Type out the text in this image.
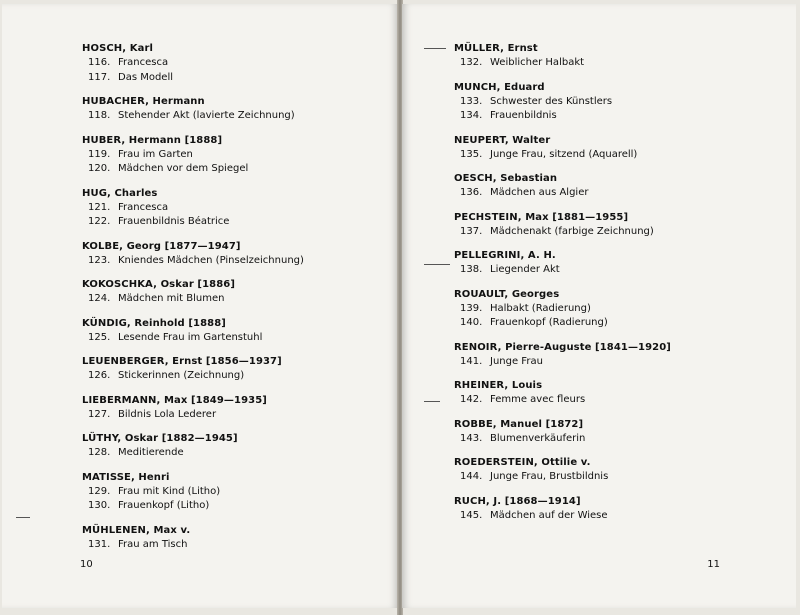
HOSCH, Karl
116. Francesca
117. Das Modell
HUBACHER, Hermann
118. Stehender Akt (lavierte Zeichnung)
HUBER, Hermann [1888]
119. Frau im Garten
120. Mädchen vor dem Spiegel
HUG, Charles
121. Francesca
122. Frauenbildnis Béatrice
KOLBE, Georg [1877—1947]
123. Kniendes Mädchen (Pinselzeichnung)
KOKOSCHKA, Oskar [1886]
124. Mädchen mit Blumen
KÜNDIG, Reinhold [1888]
125. Lesende Frau im Gartenstuhl
LEUENBERGER, Ernst [1856—1937]
126. Stickerinnen (Zeichnung)
LIEBERMANN, Max [1849—1935]
127. Bildnis Lola Lederer
LÜTHY, Oskar [1882—1945]
128. Meditierende
MATISSE, Henri
129. Frau mit Kind (Litho)
130. Frauenkopf (Litho)
MÜHLENEN, Max v.
131. Frau am Tisch
10
MÜLLER, Ernst
132. Weiblicher Halbakt
MUNCH, Eduard
133. Schwester des Künstlers
134. Frauenbildnis
NEUPERT, Walter
135. Junge Frau, sitzend (Aquarell)
OESCH, Sebastian
136. Mädchen aus Algier
PECHSTEIN, Max [1881—1955]
137. Mädchenakt (farbige Zeichnung)
PELLEGRINI, A. H.
138. Liegender Akt
ROUAULT, Georges
139. Halbakt (Radierung)
140. Frauenkopf (Radierung)
RENOIR, Pierre-Auguste [1841—1920]
141. Junge Frau
RHEINER, Louis
142. Femme avec fleurs
ROBBE, Manuel [1872]
143. Blumenverkäuferin
ROEDERSTEIN, Ottilie v.
144. Junge Frau, Brustbildnis
RUCH, J. [1868—1914]
145. Mädchen auf der Wiese
11
